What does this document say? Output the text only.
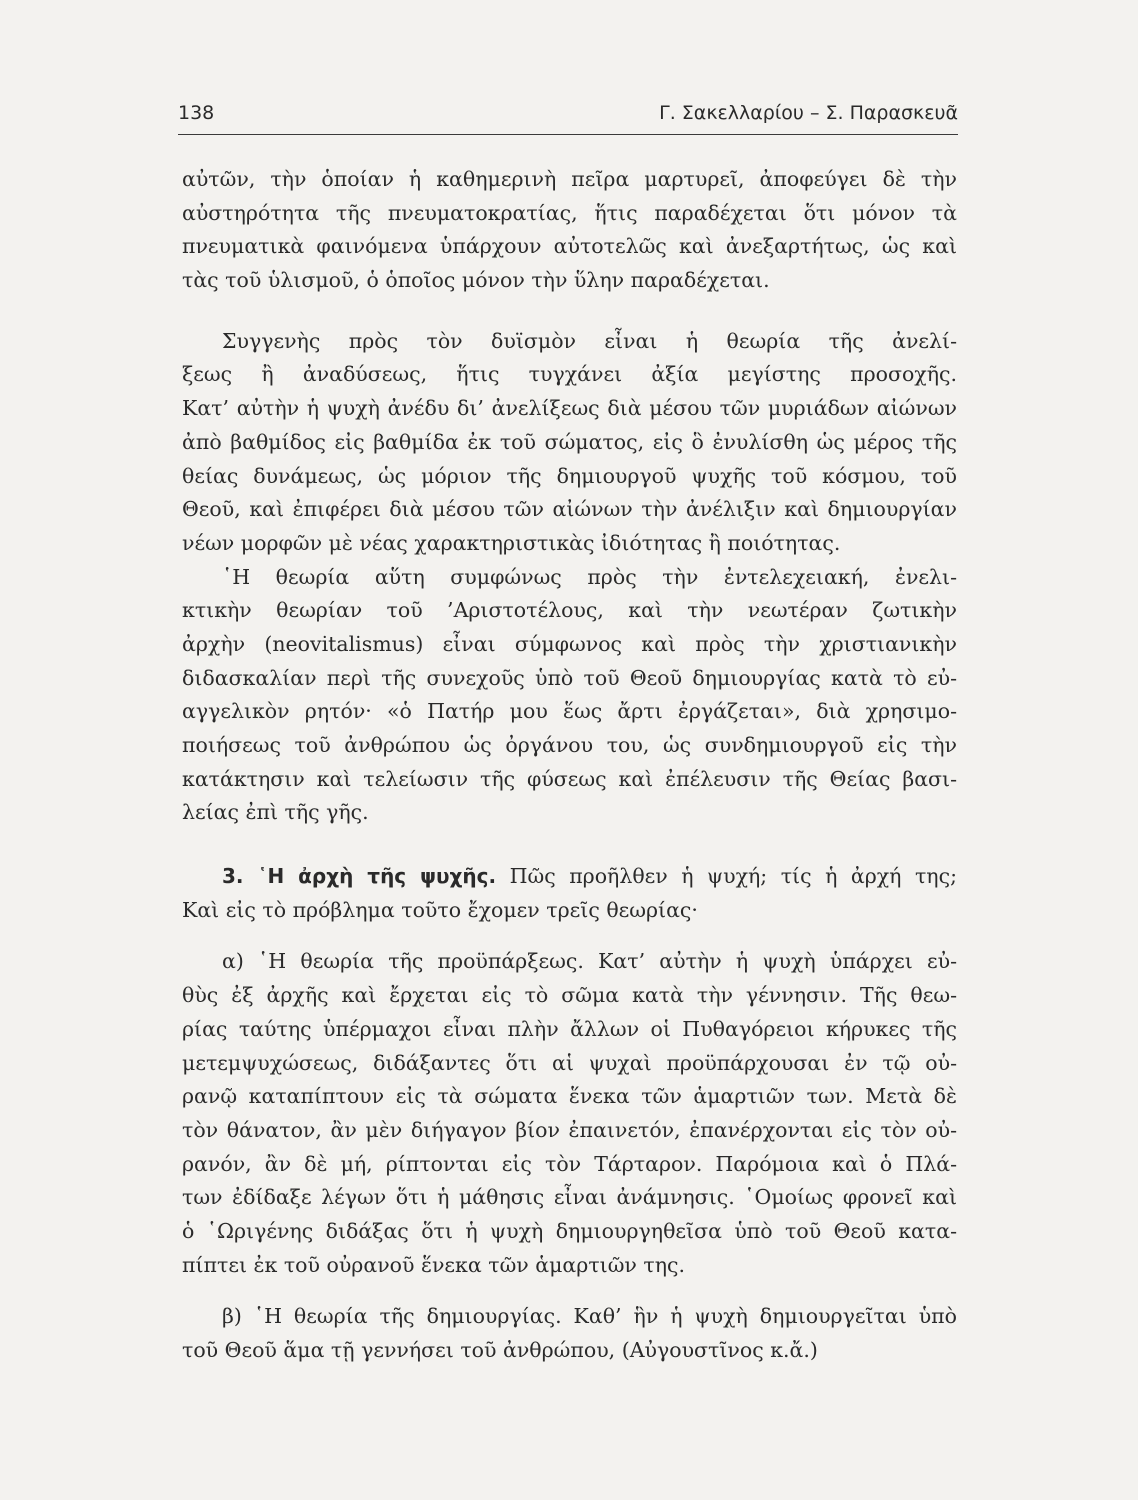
138	Γ. Σακελλαρίου – Σ. Παρασκευᾶ
αὐτῶν, τὴν ὁποίαν ἡ καθημερινὴ πεῖρα μαρτυρεῖ, ἀποφεύγει δὲ τὴν
αὐστηρότητα τῆς πνευματοκρατίας, ἥτις παραδέχεται ὅτι μόνον τὰ
πνευματικὰ φαινόμενα ὑπάρχουν αὐτοτελῶς καὶ ἀνεξαρτήτως, ὡς καὶ
τὰς τοῦ ὑλισμοῦ, ὁ ὁποῖος μόνον τὴν ὕλην παραδέχεται.
Συγγενὴς πρὸς τὸν δυϊσμὸν εἶναι ἡ θεωρία τῆς ἀνελί-
ξεως ἢ ἀναδύσεως, ἥτις τυγχάνει ἀξία μεγίστης προσοχῆς.
Κατ’ αὐτὴν ἡ ψυχὴ ἀνέδυ δι’ ἀνελίξεως διὰ μέσου τῶν μυριάδων αἰώνων
ἀπὸ βαθμίδος εἰς βαθμίδα ἐκ τοῦ σώματος, εἰς ὃ ἐνυλίσθη ὡς μέρος τῆς
θείας δυνάμεως, ὡς μόριον τῆς δημιουργοῦ ψυχῆς τοῦ κόσμου, τοῦ
Θεοῦ, καὶ ἐπιφέρει διὰ μέσου τῶν αἰώνων τὴν ἀνέλιξιν καὶ δημιουργίαν
νέων μορφῶν μὲ νέας χαρακτηριστικὰς ἰδιότητας ἢ ποιότητας.
῾Η θεωρία αὕτη συμφώνως πρὸς τὴν ἐντελεχειακή, ἐνελι-
κτικὴν θεωρίαν τοῦ ’Αριστοτέλους, καὶ τὴν νεωτέραν ζωτικὴν
ἀρχὴν (neovitalismus) εἶναι σύμφωνος καὶ πρὸς τὴν χριστιανικὴν
διδασκαλίαν περὶ τῆς συνεχοῦς ὑπὸ τοῦ Θεοῦ δημιουργίας κατὰ τὸ εὐ-
αγγελικὸν ρητόν· «ὁ Πατήρ μου ἕως ἄρτι ἐργάζεται», διὰ χρησιμο-
ποιήσεως τοῦ ἀνθρώπου ὡς ὀργάνου του, ὡς συνδημιουργοῦ εἰς τὴν
κατάκτησιν καὶ τελείωσιν τῆς φύσεως καὶ ἐπέλευσιν τῆς Θείας βασι-
λείας ἐπὶ τῆς γῆς.
3. ῾Η ἀρχὴ τῆς ψυχῆς. Πῶς προῆλθεν ἡ ψυχή; τίς ἡ ἀρχή της;
Καὶ εἰς τὸ πρόβλημα τοῦτο ἔχομεν τρεῖς θεωρίας·
α) ῾Η θεωρία τῆς προϋπάρξεως. Κατ’ αὐτὴν ἡ ψυχὴ ὑπάρχει εὐ-
θὺς ἐξ ἀρχῆς καὶ ἔρχεται εἰς τὸ σῶμα κατὰ τὴν γέννησιν. Τῆς θεω-
ρίας ταύτης ὑπέρμαχοι εἶναι πλὴν ἄλλων οἱ Πυθαγόρειοι κήρυκες τῆς
μετεμψυχώσεως, διδάξαντες ὅτι αἱ ψυχαὶ προϋπάρχουσαι ἐν τῷ οὐ-
ρανῷ καταπίπτουν εἰς τὰ σώματα ἕνεκα τῶν ἁμαρτιῶν των. Μετὰ δὲ
τὸν θάνατον, ἂν μὲν διήγαγον βίον ἐπαινετόν, ἐπανέρχονται εἰς τὸν οὐ-
ρανόν, ἂν δὲ μή, ρίπτονται εἰς τὸν Τάρταρον. Παρόμοια καὶ ὁ Πλά-
των ἐδίδαξε λέγων ὅτι ἡ μάθησις εἶναι ἀνάμνησις. ῾Ομοίως φρονεῖ καὶ
ὁ ῾Ωριγένης διδάξας ὅτι ἡ ψυχὴ δημιουργηθεῖσα ὑπὸ τοῦ Θεοῦ κατα-
πίπτει ἐκ τοῦ οὐρανοῦ ἕνεκα τῶν ἁμαρτιῶν της.
β) ῾Η θεωρία τῆς δημιουργίας. Καθ’ ἣν ἡ ψυχὴ δημιουργεῖται ὑπὸ
τοῦ Θεοῦ ἅμα τῇ γεννήσει τοῦ ἀνθρώπου, (Αὐγουστῖνος κ.ἄ.)
